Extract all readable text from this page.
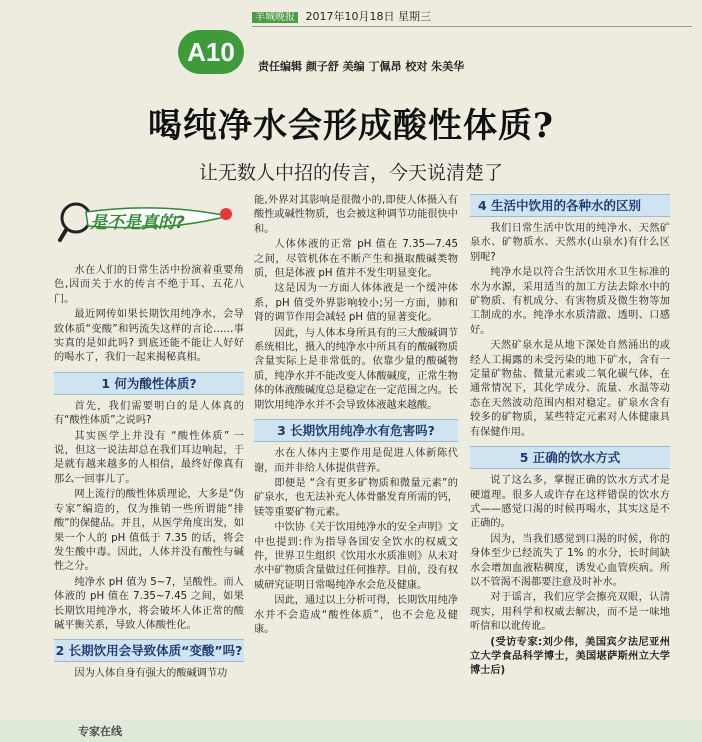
A10
羊城晚报 2017年10月18日 星期三
责任编辑 颜子舒 美编 丁佩昂 校对 朱美华
喝纯净水会形成酸性体质?
让无数人中招的传言，今天说清楚了
是不是真的?

水在人们的日常生活中扮演着重要角色,因而关于水的传言不绝于耳、五花八门。

最近网传如果长期饮用纯净水，会导致体质“变酸”和钙流失这样的言论……事实真的是如此吗? 到底还能不能让人好好的喝水了，我们一起来揭秘真相。

1 何为酸性体质?

首先，我们需要明白的是人体真的有“酸性体质”之说吗?

其实医学上并没有 “酸性体质” 一说，但这一说法却总在我们耳边响起，于是就有越来越多的人相信，最终好像真有那么一回事儿了。

网上流行的酸性体质理论，大多是“伪专家”编造的，仅为推销一些所谓能“排酸”的保健品。并且，从医学角度出发，如果一个人的 pH 值低于 7.35 的话，将会发生酸中毒。因此，人体并没有酸性与碱性之分。

纯净水 pH 值为 5~7，呈酸性。而人体液的 pH 值在 7.35~7.45 之间，如果长期饮用纯净水，将会破坏人体正常的酸碱平衡关系，导致人体酸性化。

2 长期饮用会导致体质“变酸”吗?

因为人体自身有强大的酸碱调节功

能,外界对其影响是很微小的,即使人体摄入有酸性或碱性物质，也会被这种调节功能很快中和。

人体体液的正常 pH 值在 7.35—7.45 之间，尽管机体在不断产生和摄取酸碱类物质，但是体液 pH 值并不发生明显变化。

这是因为一方面人体体液是一个缓冲体系，pH 值受外界影响较小;另一方面，肺和肾的调节作用会减轻 pH 值的显著变化。

因此，与人体本身所具有的三大酸碱调节系统相比，摄入的纯净水中所具有的酸碱物质含量实际上是非常低的。依靠少量的酸碱物质，纯净水并不能改变人体酸碱度，正常生物体的体液酸碱度总是稳定在一定范围之内。长期饮用纯净水并不会导致体液越来越酸。

3 长期饮用纯净水有危害吗?

水在人体内主要作用是促进人体新陈代谢，而并非给人体提供营养。

即便是 “含有更多矿物质和微量元素”的矿泉水，也无法补充人体骨骼发育所需的钙，镁等重要矿物元素。

中饮协《关于饮用纯净水的安全声明》文中也提到:作为指导各国安全饮水的权威文件，世界卫生组织《饮用水水质准则》从未对水中矿物质含量做过任何推荐。目前，没有权威研究证明日常喝纯净水会危及健康。

因此，通过以上分析可得，长期饮用纯净水并不会造成“酸性体质”，也不会危及健康。

4 生活中饮用的各种水的区别

我们日常生活中饮用的纯净水、天然矿泉水、矿物质水、天然水(山泉水)有什么区别呢?

纯净水是以符合生活饮用水卫生标准的水为水源，采用适当的加工方法去除水中的矿物质、有机成分、有害物质及微生物等加工制成的水。纯净水水质清澈、透明、口感好。

天然矿泉水是从地下深处自然涌出的或经人工揭露的未受污染的地下矿水，含有一定量矿物盐、微量元素或二氧化碳气体，在通常情况下，其化学成分、流量、水温等动态在天然波动范围内相对稳定。矿泉水含有较多的矿物质，某些特定元素对人体健康具有保健作用。

5 正确的饮水方式

说了这么多，掌握正确的饮水方式才是硬道理。很多人或许存在这样错误的饮水方式——感觉口渴的时候再喝水，其实这是不正确的。

因为，当我们感觉到口渴的时候，你的身体至少已经流失了 1% 的水分，长时间缺水会增加血液粘稠度，诱发心血管疾病。所以不管渴不渴都要注意及时补水。

对于谣言，我们应学会擦亮双眼，认清现实，用科学和权威去解决，而不是一味地听信和以讹传讹。

(受访专家:刘少伟，美国宾夕法尼亚州立大学食品科学博士，美国堪萨斯州立大学博士后)

专家在线
